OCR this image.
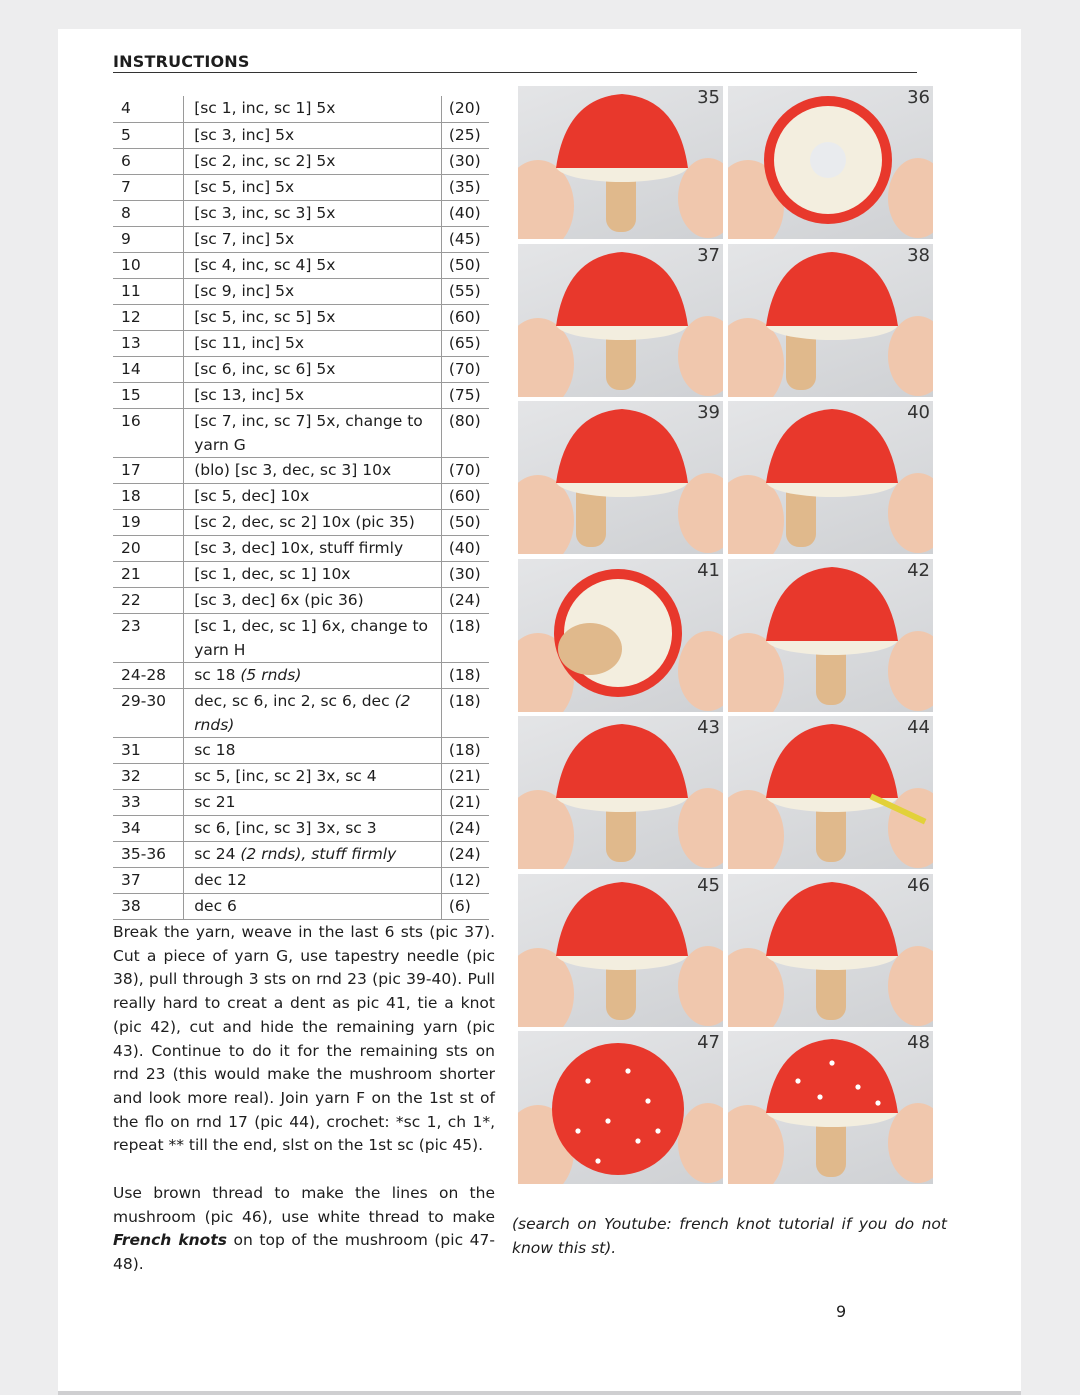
INSTRUCTIONS
4	[sc 1, inc, sc 1] 5x	(20)
5	[sc 3, inc] 5x	(25)
6	[sc 2, inc, sc 2] 5x	(30)
7	[sc 5, inc] 5x	(35)
8	[sc 3, inc, sc 3] 5x	(40)
9	[sc 7, inc] 5x	(45)
10	[sc 4, inc, sc 4] 5x	(50)
11	[sc 9, inc] 5x	(55)
12	[sc 5, inc, sc 5] 5x	(60)
13	[sc 11, inc] 5x	(65)
14	[sc 6, inc, sc 6] 5x	(70)
15	[sc 13, inc] 5x	(75)
16	[sc 7, inc, sc 7] 5x, change to yarn G	(80)
17	(blo) [sc 3, dec, sc 3] 10x	(70)
18	[sc 5, dec] 10x	(60)
19	[sc 2, dec, sc 2] 10x (pic 35)	(50)
20	[sc 3, dec] 10x, stuff firmly	(40)
21	[sc 1, dec, sc 1] 10x	(30)
22	[sc 3, dec] 6x (pic 36)	(24)
23	[sc 1, dec, sc 1] 6x, change to yarn H	(18)
24-28	sc 18 (5 rnds)	(18)
29-30	dec, sc 6, inc 2, sc 6, dec (2 rnds)	(18)
31	sc 18	(18)
32	sc 5, [inc, sc 2] 3x, sc 4	(21)
33	sc 21	(21)
34	sc 6, [inc, sc 3] 3x, sc 3	(24)
35-36	sc 24 (2 rnds), stuff firmly	(24)
37	dec 12	(12)
38	dec 6	(6)
35	36
37	38
39	40
41	42
43	44
45	46
47	48
Break the yarn, weave in the last 6 sts (pic 37). Cut a piece of yarn G, use tapestry needle (pic 38), pull through 3 sts on rnd 23 (pic 39-40). Pull really hard to creat a dent as pic 41, tie a knot (pic 42), cut and hide the remaining yarn (pic 43). Continue to do it for the remaining sts on rnd 23 (this would make the mushroom shorter and look more real). Join yarn F on the 1st st of the flo on rnd 17 (pic 44), crochet: *sc 1, ch 1*, repeat ** till the end, slst on the 1st sc (pic 45).
Use brown thread to make the lines on the mushroom (pic 46), use white thread to make French knots on top of the mushroom (pic 47-48).
(search on Youtube: french knot tutorial if you do not know this st).
9
